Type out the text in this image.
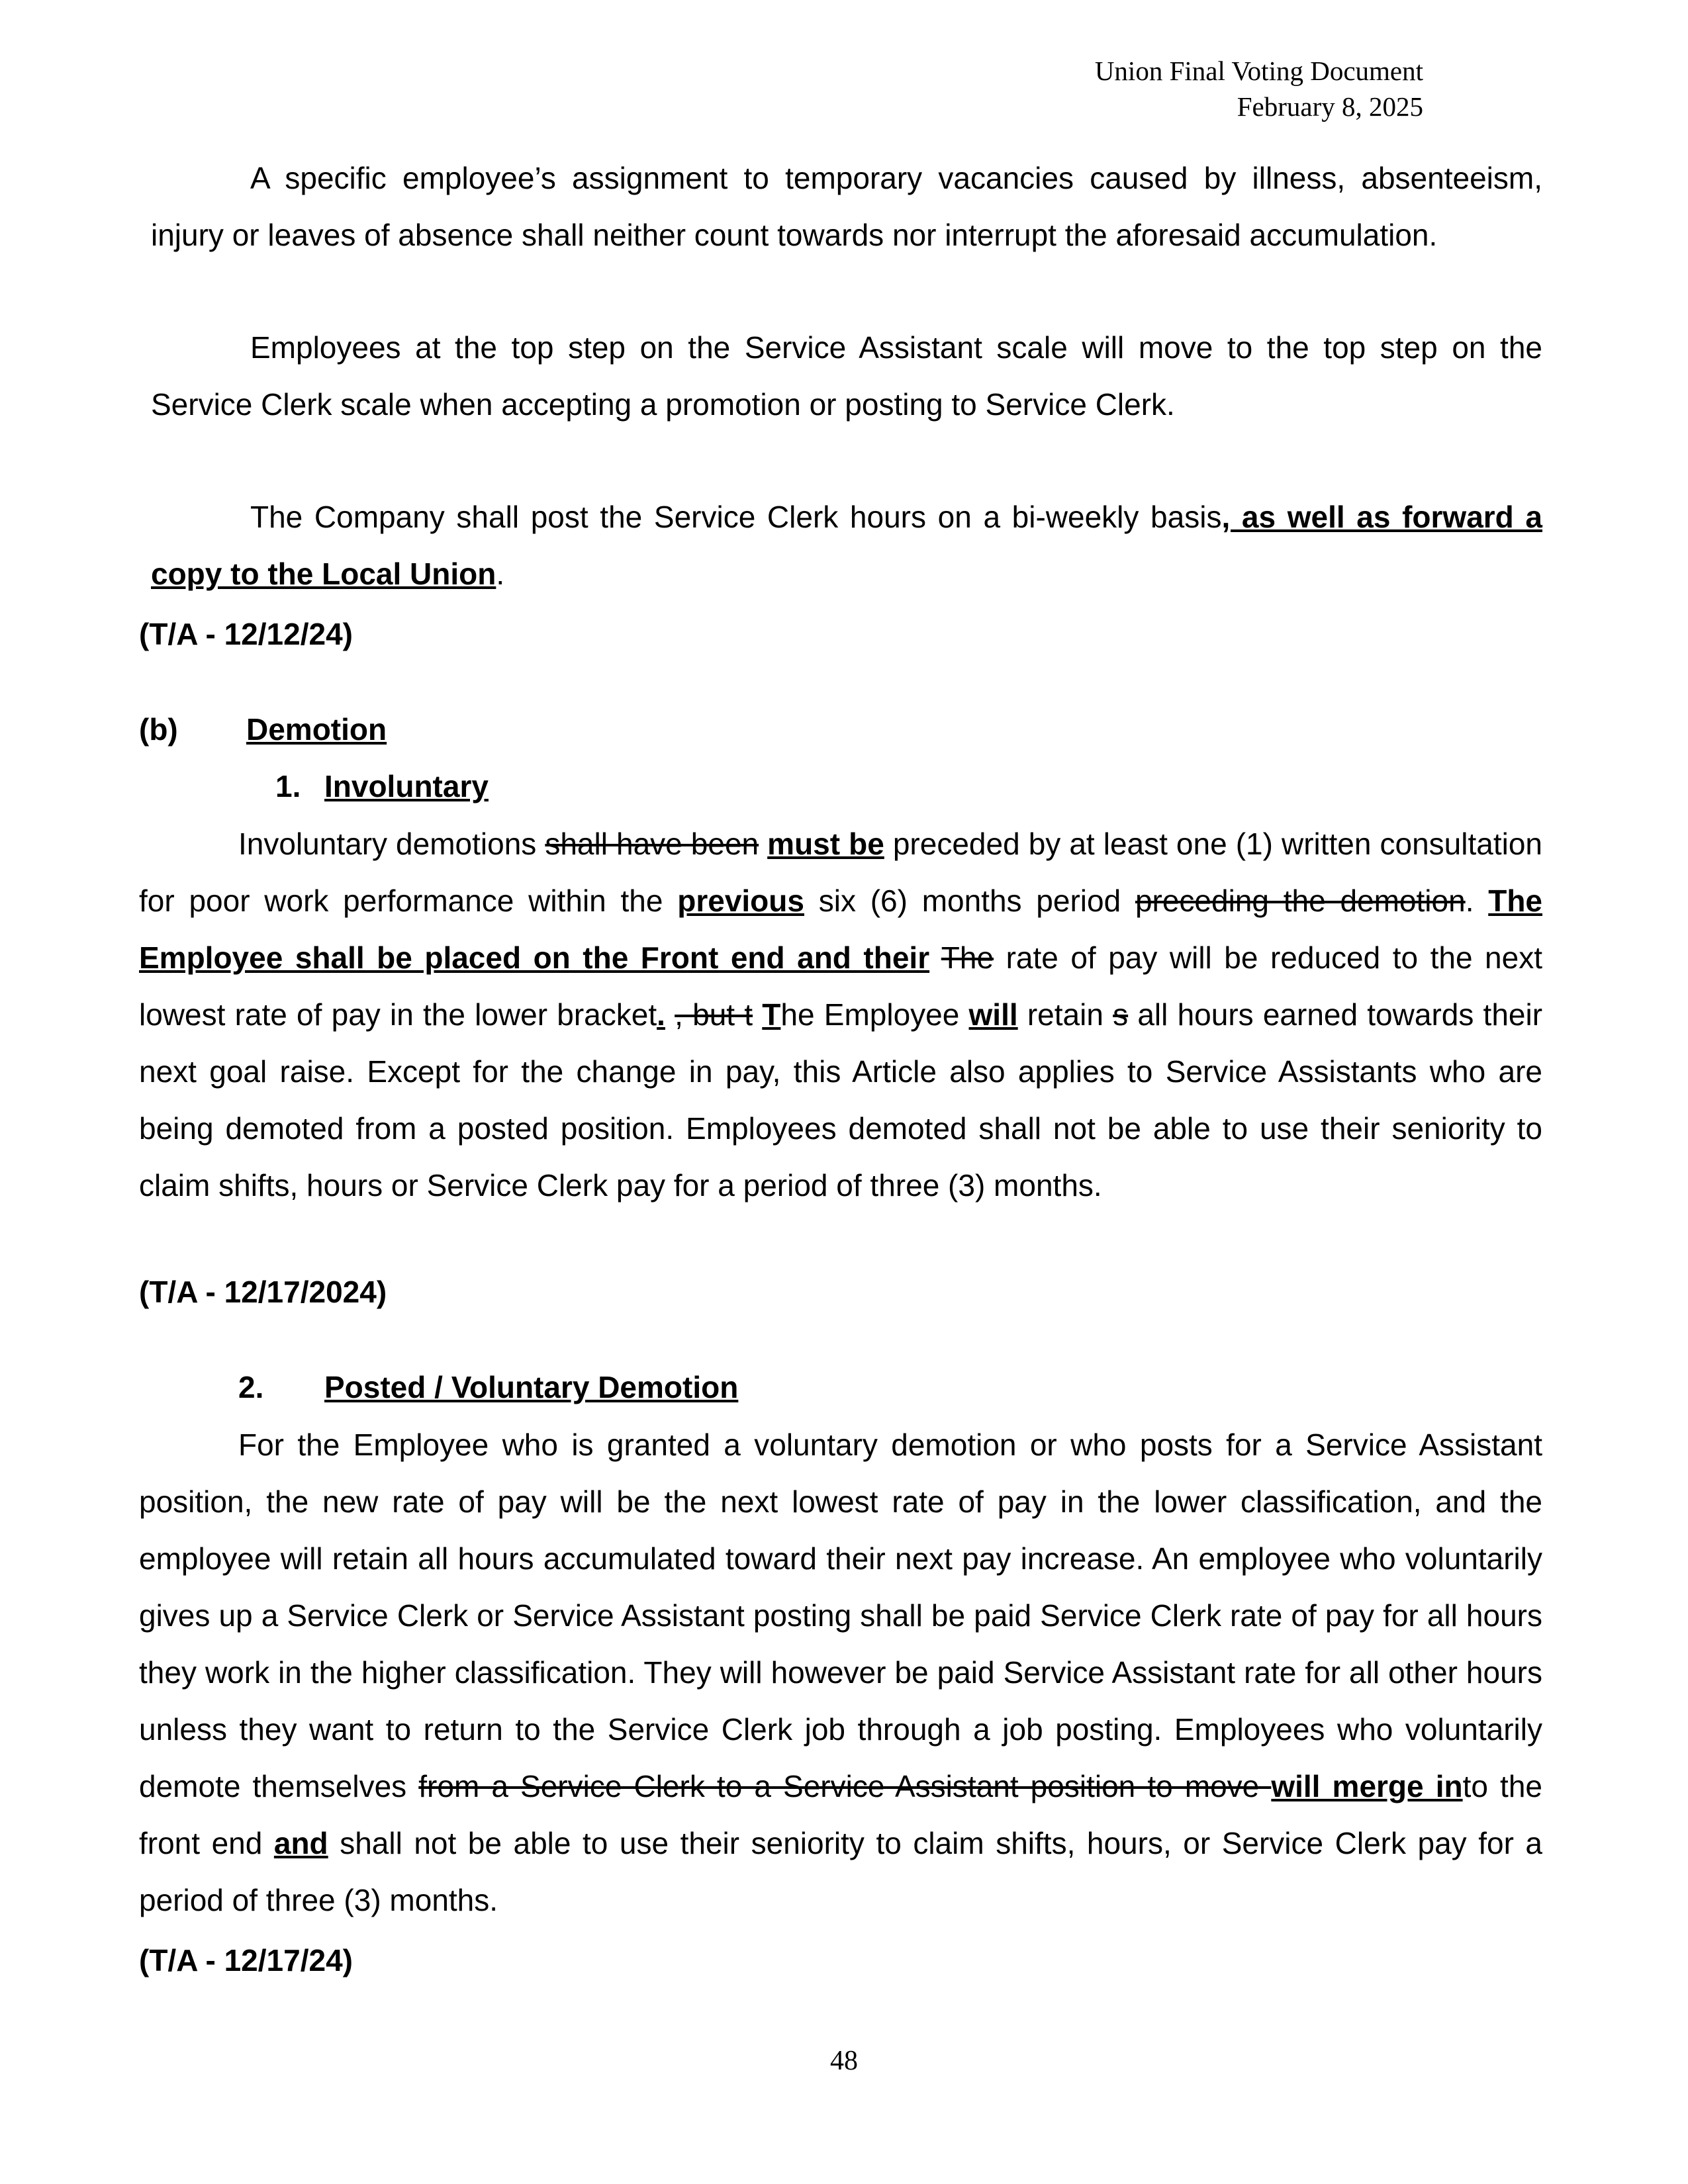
Union Final Voting Document
February 8, 2025
A specific employee’s assignment to temporary vacancies caused by illness, absenteeism, injury or leaves of absence shall neither count towards nor interrupt the aforesaid accumulation.
Employees at the top step on the Service Assistant scale will move to the top step on the Service Clerk scale when accepting a promotion or posting to Service Clerk.
The Company shall post the Service Clerk hours on a bi-weekly basis, as well as forward a copy to the Local Union.
(T/A - 12/12/24)
(b) Demotion
1. Involuntary
Involuntary demotions shall have been must be preceded by at least one (1) written consultation for poor work performance within the previous six (6) months period preceding the demotion. The Employee shall be placed on the Front end and their The rate of pay will be reduced to the next lowest rate of pay in the lower bracket. , but t The Employee will retain s all hours earned towards their next goal raise. Except for the change in pay, this Article also applies to Service Assistants who are being demoted from a posted position. Employees demoted shall not be able to use their seniority to claim shifts, hours or Service Clerk pay for a period of three (3) months.
(T/A - 12/17/2024)
2. Posted / Voluntary Demotion
For the Employee who is granted a voluntary demotion or who posts for a Service Assistant position, the new rate of pay will be the next lowest rate of pay in the lower classification, and the employee will retain all hours accumulated toward their next pay increase. An employee who voluntarily gives up a Service Clerk or Service Assistant posting shall be paid Service Clerk rate of pay for all hours they work in the higher classification. They will however be paid Service Assistant rate for all other hours unless they want to return to the Service Clerk job through a job posting. Employees who voluntarily demote themselves from a Service Clerk to a Service Assistant position to move will merge into the front end and shall not be able to use their seniority to claim shifts, hours, or Service Clerk pay for a period of three (3) months.
(T/A - 12/17/24)
48
